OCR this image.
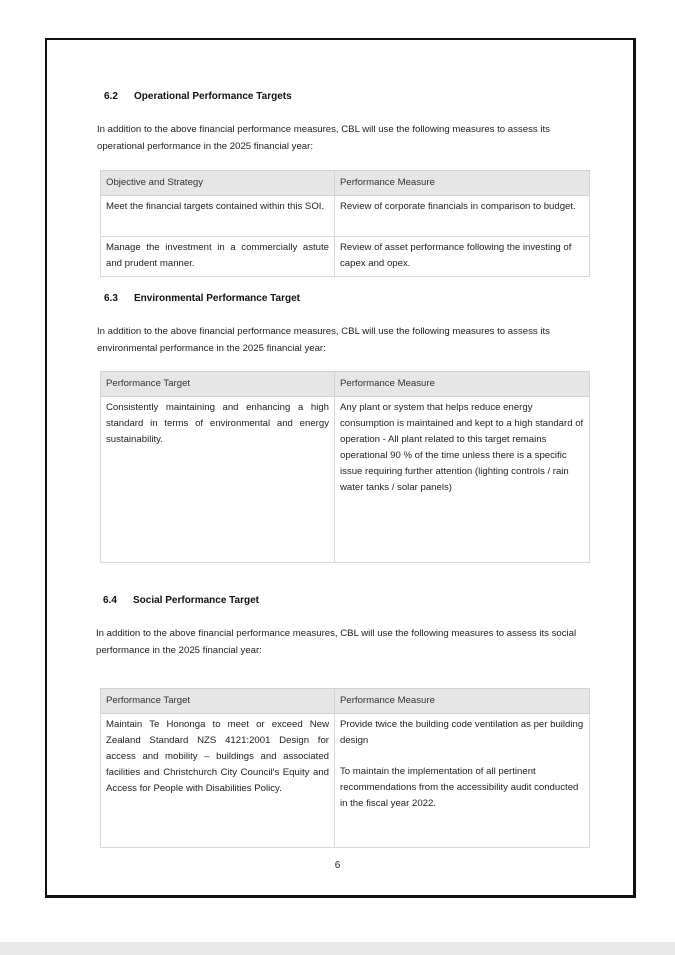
6.2 Operational Performance Targets
In addition to the above financial performance measures, CBL will use the following measures to assess its operational performance in the 2025 financial year:
Objective and Strategy	Performance Measure
Meet the financial targets contained within this SOI.	Review of corporate financials in comparison to budget.
Manage the investment in a commercially astute and prudent manner.	Review of asset performance following the investing of capex and opex.
6.3 Environmental Performance Target
In addition to the above financial performance measures, CBL will use the following measures to assess its environmental performance in the 2025 financial year:
Performance Target	Performance Measure
Consistently maintaining and enhancing a high standard in terms of environmental and energy sustainability.	Any plant or system that helps reduce energy consumption is maintained and kept to a high standard of operation - All plant related to this target remains operational 90 % of the time unless there is a specific issue requiring further attention (lighting controls / rain water tanks / solar panels)
6.4 Social Performance Target
In addition to the above financial performance measures, CBL will use the following measures to assess its social performance in the 2025 financial year:
Performance Target	Performance Measure
Maintain Te Hononga to meet or exceed New Zealand Standard NZS 4121:2001 Design for access and mobility – buildings and associated facilities and Christchurch City Council's Equity and Access for People with Disabilities Policy.	Provide twice the building code ventilation as per building design
To maintain the implementation of all pertinent recommendations from the accessibility audit conducted in the fiscal year 2022.
6
